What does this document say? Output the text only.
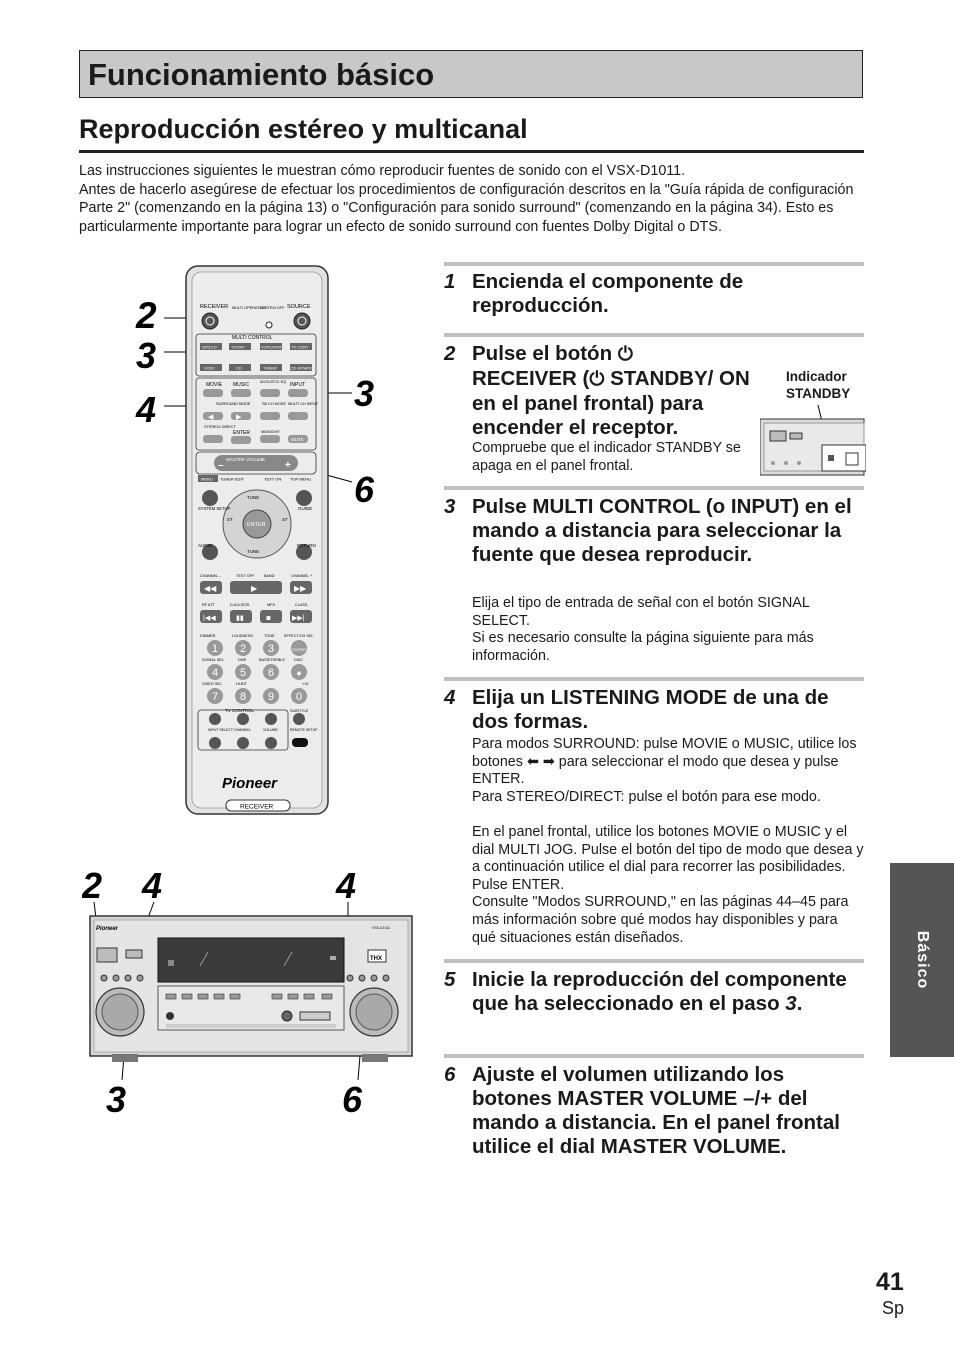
Funcionamiento básico
Reproducción estéreo y multicanal

Las instrucciones siguientes le muestran cómo reproducir fuentes de sonido con el VSX-D1011.

Antes de hacerlo asegúrese de efectuar los procedimientos de configuración descritos en la "Guía rápida de configuración Parte 2" (comenzando en la página 13) o "Configuración para sonido surround" (comenzando en la página 34). Esto es particularmente importante para lograr un efecto de sonido surround con fuentes Dolby Digital o DTS.

2
3
4	3
6
RECEIVER MULTI OPERATION
SYSTEM OFF SOURCE
MULTI CONTROL
DVD/LD	TV/SAT	VCR1/DVR TV CONT
VCR2	CD	TUNER	CD-R/TAPE
MOVIE MUSIC	ACOUSTIC EQ INPUT
SURROUND MODE	SB CH MODE MULTI CH INPUT
◀	▶
STEREO/ DIRECT
ENTER	MIDNIGHT
MUTE
MASTER VOLUME
–	+
MENU TUNER EDIT	TEXT ON TOP MENU
ENTER
TUNE
TUNE
ST	ST
SYSTEM SETUP	GUIDE
AUDIO	RETURN
CHANNEL –	TEXT OFF	BAND	CHANNEL +
◀◀	▶	▶▶
RF ATT	D.ACCESS	MPX	CLASS
|◀◀	▮▮	■	▶▶|
DIMMER	LOUDNESS	TONE	EFFECT/CH SEL
1 2 3	ENTER
4 5 6	◆
7 8 9 0
SIGNAL SEL	DNR	BASS/TREBLE DISC
VIDEO SEL	HI-BIT	+10
TV CONTROL	SUBTITLE
INPUT SELECT CHANNEL	VOLUME	REMOTE SETUP
Pioneer
RECEIVER
2 4	4
3	6
Pioneer	VSX-D1011
THX
1 Encienda el componente de reproducción.
2 Pulse el botón ⏻
RECEIVER (⏻ STANDBY/ ON en el panel frontal) para encender el receptor.

Compruebe que el indicador STANDBY se apaga en el panel frontal.

Indicador
STANDBY
3 Pulse MULTI CONTROL (o INPUT) en el mando a distancia para seleccionar la fuente que desea reproducir.

Elija el tipo de entrada de señal con el botón SIGNAL SELECT.

Si es necesario consulte la página siguiente para más información.

4 Elija un LISTENING MODE de una de dos formas.

Para modos SURROUND: pulse MOVIE o MUSIC, utilice los botones ⬅ ➡ para seleccionar el modo que desea y pulse ENTER.

Para STEREO/DIRECT: pulse el botón para ese modo.

En el panel frontal, utilice los botones MOVIE o MUSIC y el dial MULTI JOG. Pulse el botón del tipo de modo que desea y a continuación utilice el dial para recorrer las posibilidades. Pulse ENTER.

Consulte "Modos SURROUND," en las páginas 44–45 para más información sobre qué modos hay disponibles y para qué situaciones están diseñados.

5 Inicie la reproducción del componente que ha seleccionado en el paso 3.
6 Ajuste el volumen utilizando los botones MASTER VOLUME –/+ del mando a distancia. En el panel frontal utilice el dial MASTER VOLUME.
Básico
41
Sp
